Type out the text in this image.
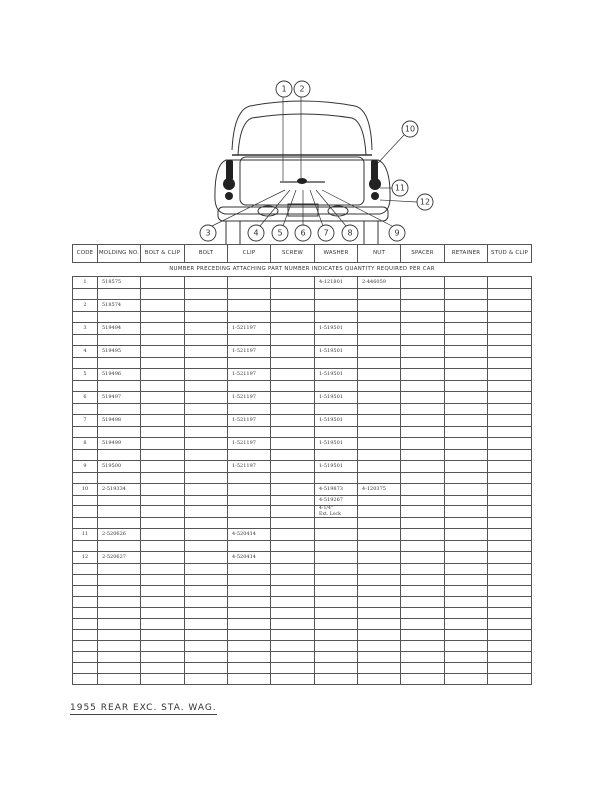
1 2
3	4 5 6 7 8	9
10
11
12
CODE	MOLDING NO.	BOLT & CLIP	BOLT	CLIP	SCREW	WASHER	NUT	SPACER	RETAINER	STUD & CLIP
NUMBER PRECEDING ATTACHING PART NUMBER INDICATES QUANTITY REQUIRED PER CAR										
1	518575					4-121801	2-446059			

2	518574									

3	519494			1-521197		1-519501				

4	519495			1-521197		1-519501				

5	519496			1-521197		1-519501				

6	519497			1-521197		1-519501				

7	519498			1-521197		1-519501				

8	519499			1-521197		1-519501				

9	519500			1-521197		1-519501				

10	2-519334					4-519873	4-120375			
						4-519267				
						4-1/4"
Ext. Lock				

11	2-520626			4-520414						

12	2-520627			4-520414						

1955 REAR EXC. STA. WAG.
